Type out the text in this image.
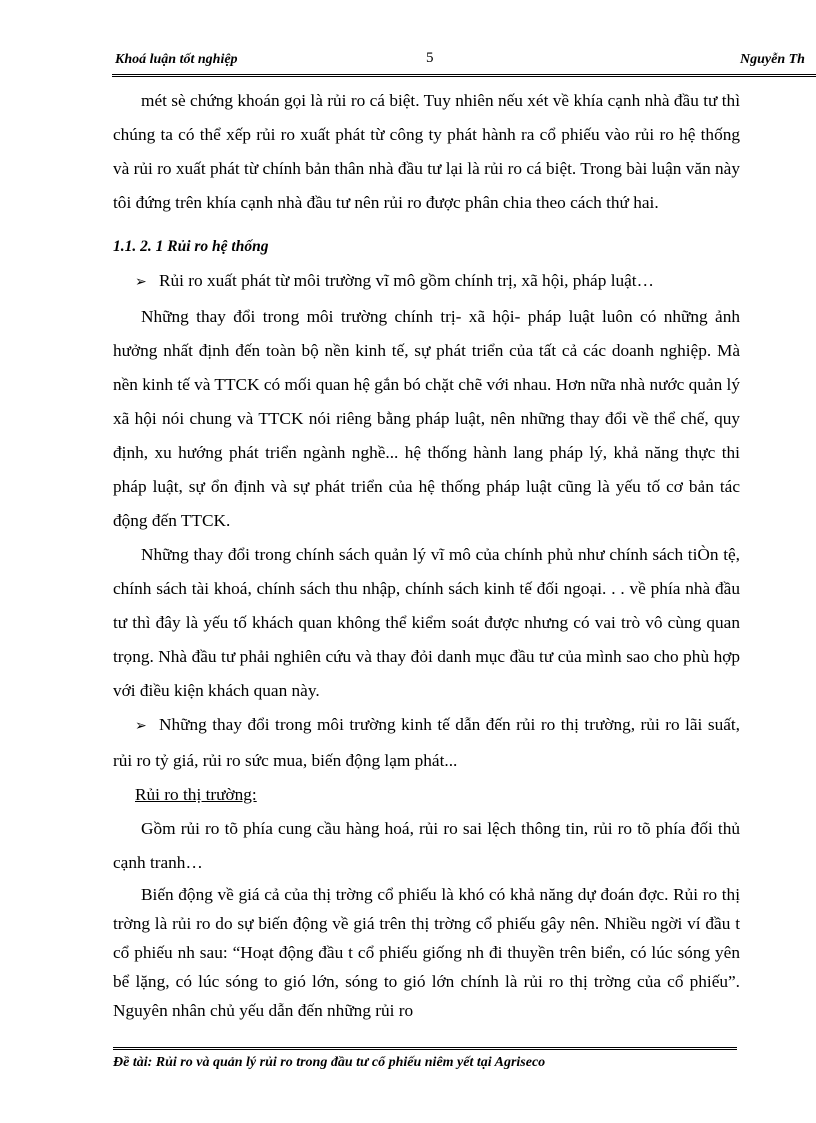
Khoá luận tốt nghiệp	5	Nguyễn Th

mét sè chứng khoán gọi là rủi ro cá biệt. Tuy nhiên nếu xét về khía cạnh nhà đầu tư thì chúng ta có thể xếp rủi ro xuất phát từ công ty phát hành ra cổ phiếu vào rủi ro hệ thống và rủi ro xuất phát từ chính bản thân nhà đầu tư lại là rủi ro cá biệt. Trong bài luận văn này tôi đứng trên khía cạnh nhà đầu tư nên rủi ro được phân chia theo cách thứ hai.

1.1. 2. 1 Rủi ro hệ thống

➢ Rủi ro xuất phát từ môi trường vĩ mô gồm chính trị, xã hội, pháp luật…

Những thay đổi trong môi trường chính trị- xã hội- pháp luật luôn có những ảnh hưởng nhất định đến toàn bộ nền kinh tế, sự phát triển của tất cả các doanh nghiệp. Mà nền kinh tế và TTCK có mối quan hệ gắn bó chặt chẽ với nhau. Hơn nữa nhà nước quản lý xã hội nói chung và TTCK nói riêng bằng pháp luật, nên những thay đổi về thể chế, quy định, xu hướng phát triển ngành nghề... hệ thống hành lang pháp lý, khả năng thực thi pháp luật, sự ổn định và sự phát triển của hệ thống pháp luật cũng là yếu tố cơ bản tác động đến TTCK.

Những thay đổi trong chính sách quản lý vĩ mô của chính phủ như chính sách tiÒn tệ, chính sách tài khoá, chính sách thu nhập, chính sách kinh tế đối ngoại. . . về phía nhà đầu tư thì đây là yếu tố khách quan không thể kiểm soát được nhưng có vai trò vô cùng quan trọng. Nhà đầu tư phải nghiên cứu và thay đỏi danh mục đầu tư của mình sao cho phù hợp với điều kiện khách quan này.

➢ Những thay đổi trong môi trường kinh tế dẫn đến rủi ro thị trường, rủi ro lãi suất, rủi ro tỷ giá, rủi ro sức mua, biến động lạm phát...

Rủi ro thị trường:

Gồm rủi ro tõ phía cung cầu hàng hoá, rủi ro sai lệch thông tin, rủi ro tõ phía đối thủ cạnh tranh…

Biến động về giá cả của thị trờng cổ phiếu là khó có khả năng dự đoán đợc. Rủi ro thị trờng là rủi ro do sự biến động về giá trên thị trờng cổ phiếu gây nên. Nhiều ngời ví đầu t cổ phiếu nh sau: “Hoạt động đầu t cổ phiếu giống nh đi thuyền trên biển, có lúc sóng yên bể lặng, có lúc sóng to gió lớn, sóng to gió lớn chính là rủi ro thị trờng của cổ phiếu”. Nguyên nhân chủ yếu dẫn đến những rủi ro

Đề tài: Rủi ro và quản lý rủi ro trong đầu tư cổ phiếu niêm yết tại Agriseco
